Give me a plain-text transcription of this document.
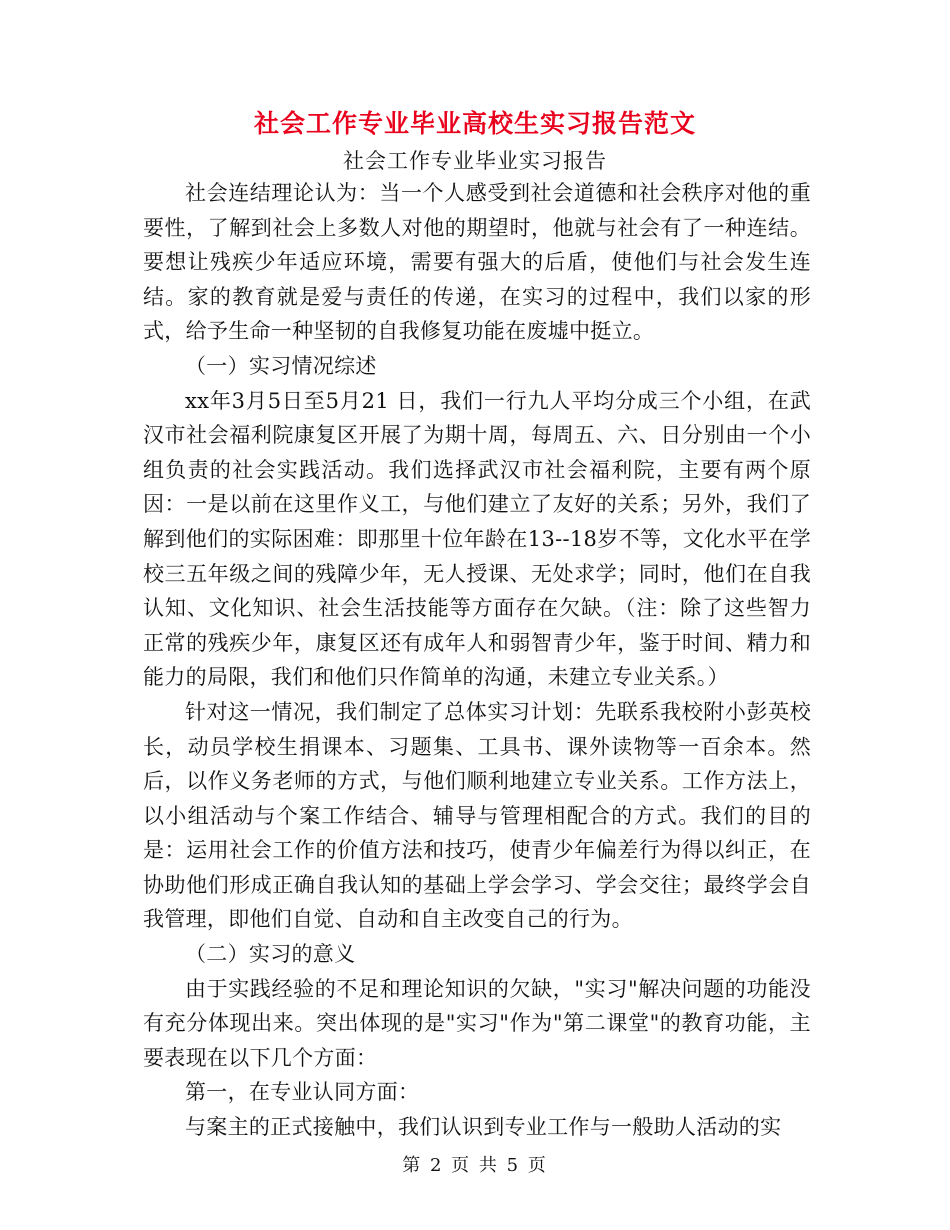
社会工作专业毕业高校生实习报告范文
社会工作专业毕业实习报告

社会连结理论认为：当一个人感受到社会道德和社会秩序对他的重要性，了解到社会上多数人对他的期望时，他就与社会有了一种连结。要想让残疾少年适应环境，需要有强大的后盾，使他们与社会发生连结。家的教育就是爱与责任的传递，在实习的过程中，我们以家的形式，给予生命一种坚韧的自我修复功能在废墟中挺立。

（一）实习情况综述

xx年3月5日至5月21 日，我们一行九人平均分成三个小组，在武汉市社会福利院康复区开展了为期十周，每周五、六、日分别由一个小组负责的社会实践活动。我们选择武汉市社会福利院，主要有两个原因：一是以前在这里作义工，与他们建立了友好的关系；另外，我们了解到他们的实际困难：即那里十位年龄在13--18岁不等，文化水平在学校三五年级之间的残障少年，无人授课、无处求学；同时，他们在自我认知、文化知识、社会生活技能等方面存在欠缺。（注：除了这些智力正常的残疾少年，康复区还有成年人和弱智青少年，鉴于时间、精力和能力的局限，我们和他们只作简单的沟通，未建立专业关系。）

针对这一情况，我们制定了总体实习计划：先联系我校附小彭英校长，动员学校生捐课本、习题集、工具书、课外读物等一百余本。然后，以作义务老师的方式，与他们顺利地建立专业关系。工作方法上，以小组活动与个案工作结合、辅导与管理相配合的方式。我们的目的是：运用社会工作的价值方法和技巧，使青少年偏差行为得以纠正，在协助他们形成正确自我认知的基础上学会学习、学会交往；最终学会自我管理，即他们自觉、自动和自主改变自己的行为。

（二）实习的意义

由于实践经验的不足和理论知识的欠缺，"实习"解决问题的功能没有充分体现出来。突出体现的是"实习"作为"第二课堂"的教育功能，主要表现在以下几个方面：

第一，在专业认同方面：

与案主的正式接触中，我们认识到专业工作与一般助人活动的实

第 2 页 共 5 页
